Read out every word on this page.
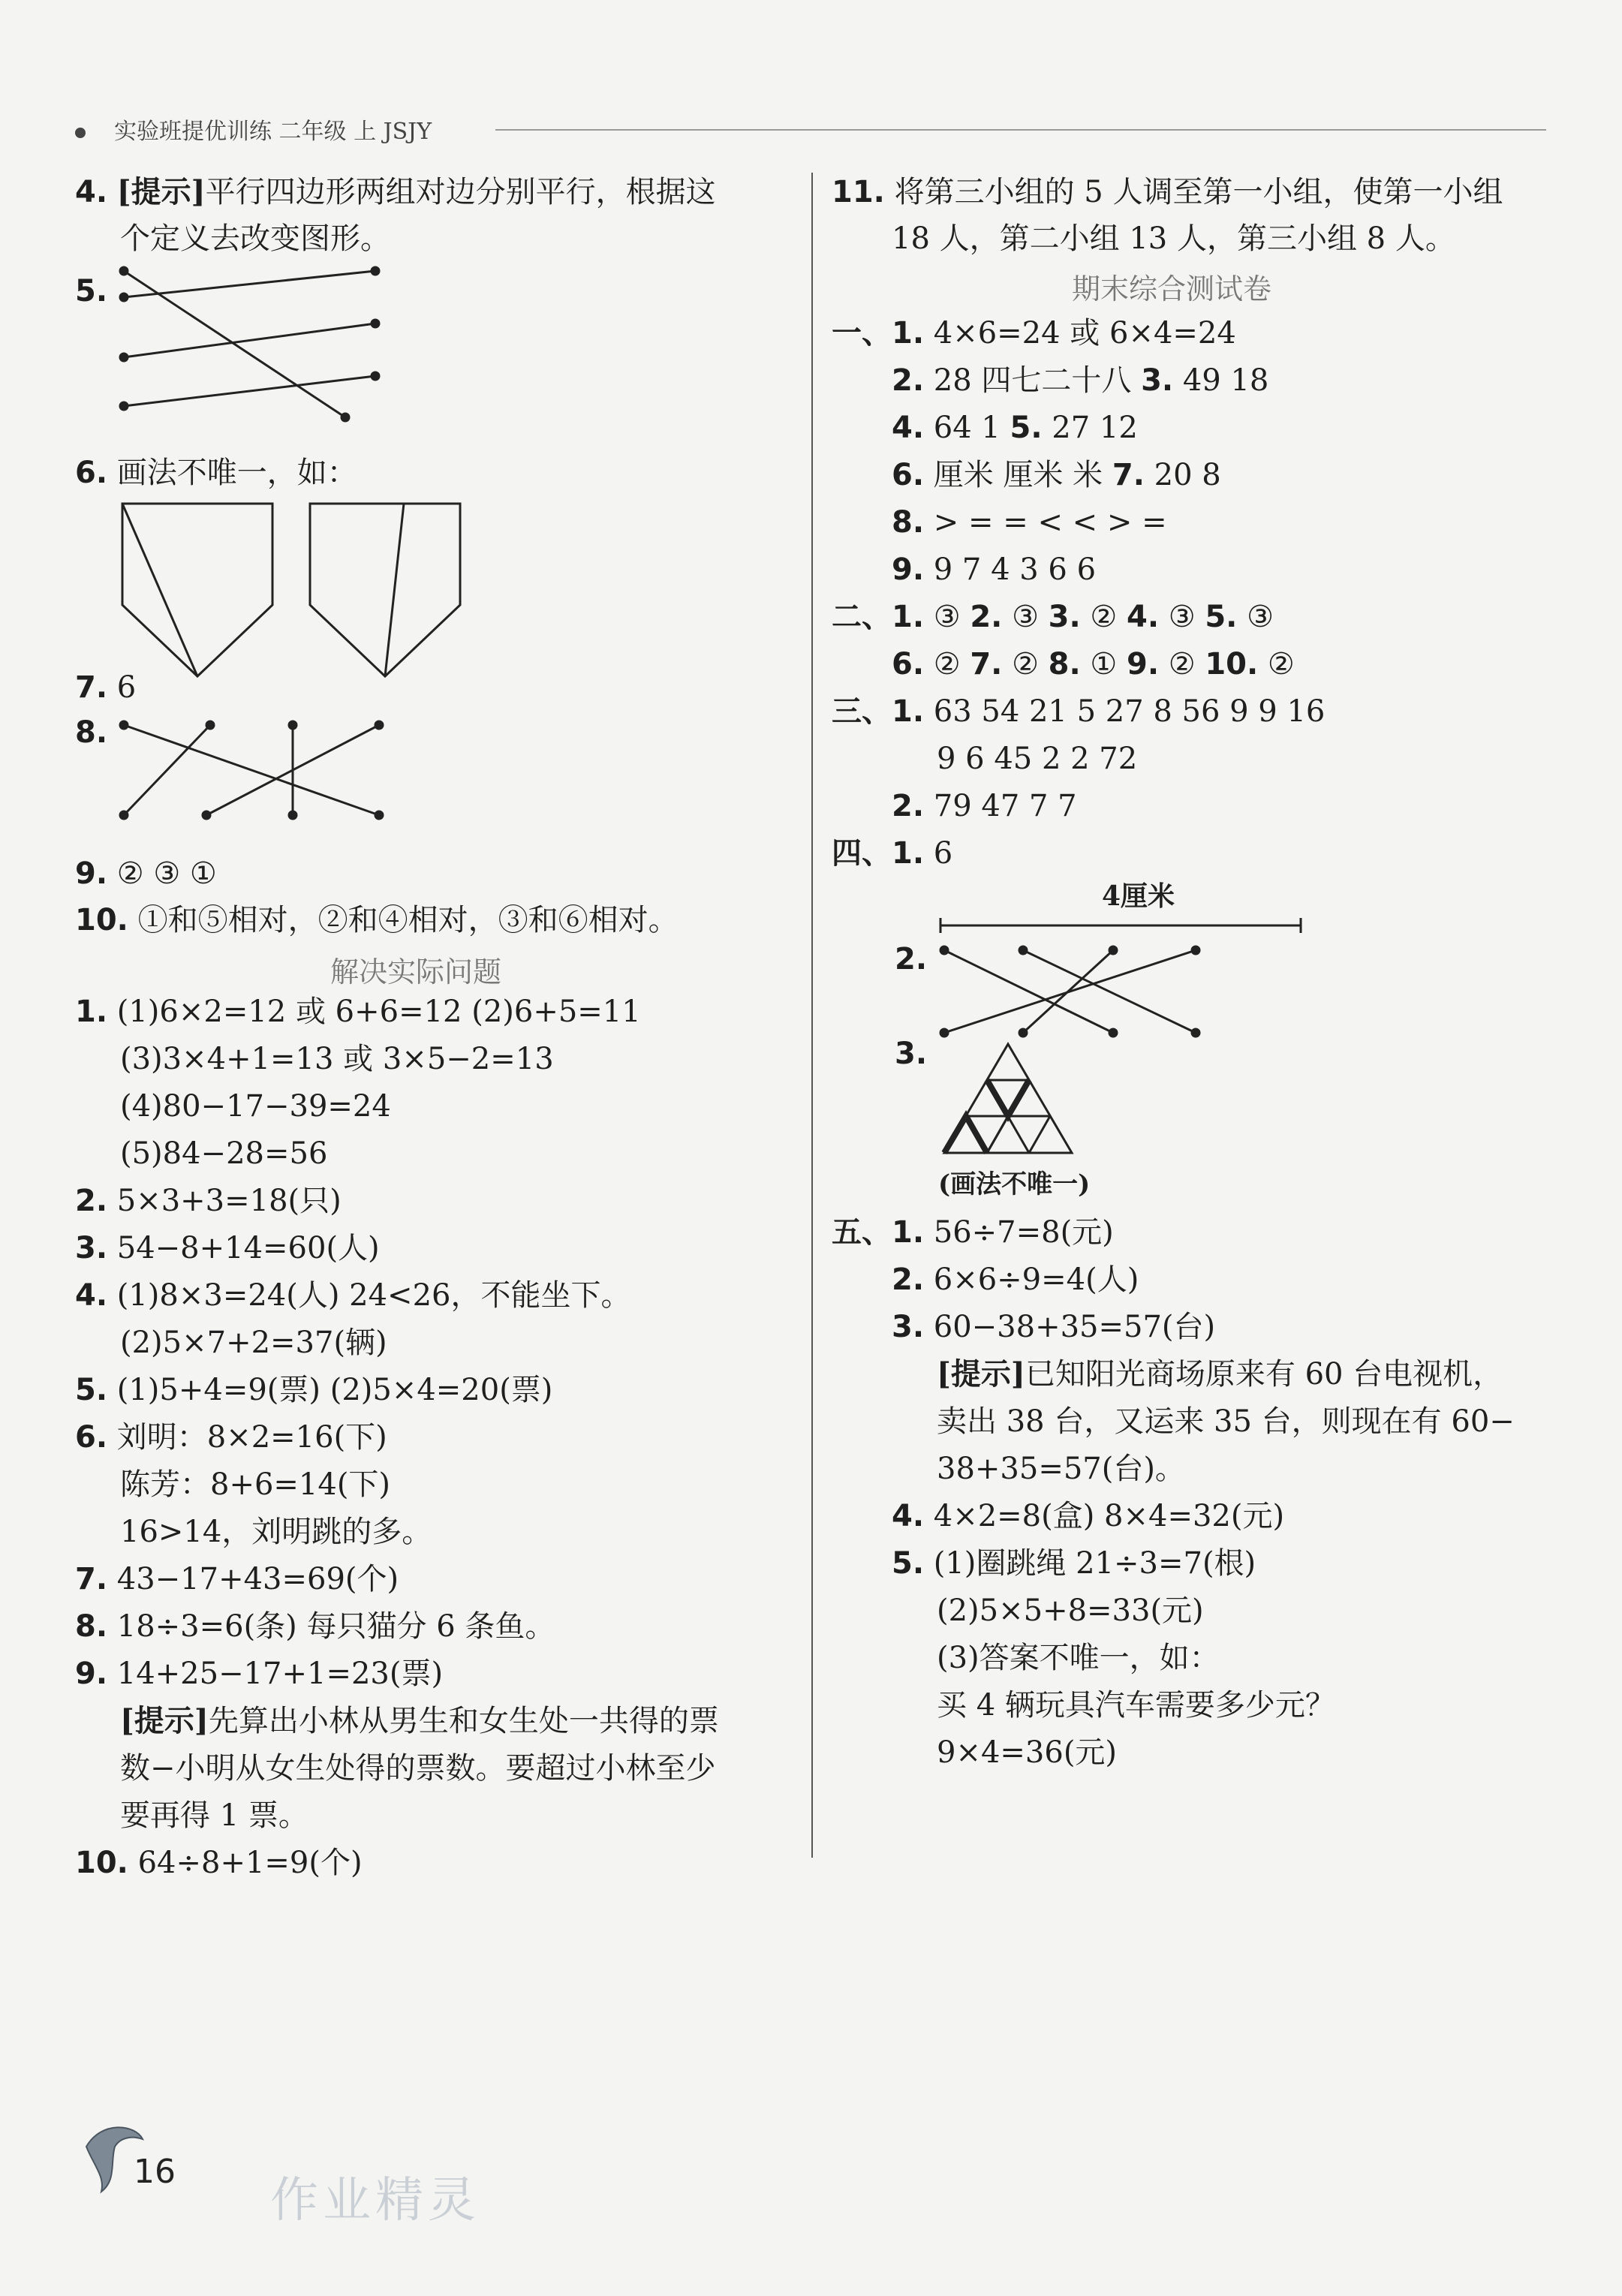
实验班提优训练 二年级 上 JSJY
4. [提示]平行四边形两组对边分别平行，根据这
个定义去改变图形。
5.
6. 画法不唯一，如：
7. 6
8.
9. ② ③ ①
10. ①和⑤相对，②和④相对，③和⑥相对。
解决实际问题
1. (1)6×2=12 或 6+6=12 (2)6+5=11
(3)3×4+1=13 或 3×5−2=13
(4)80−17−39=24
(5)84−28=56
2. 5×3+3=18(只)
3. 54−8+14=60(人)
4. (1)8×3=24(人) 24<26，不能坐下。
(2)5×7+2=37(辆)
5. (1)5+4=9(票) (2)5×4=20(票)
6. 刘明：8×2=16(下)
陈芳：8+6=14(下)
16>14，刘明跳的多。
7. 43−17+43=69(个)
8. 18÷3=6(条) 每只猫分 6 条鱼。
9. 14+25−17+1=23(票)
[提示]先算出小林从男生和女生处一共得的票
数−小明从女生处得的票数。要超过小林至少
要再得 1 票。
10. 64÷8+1=9(个)
11. 将第三小组的 5 人调至第一小组，使第一小组
18 人，第二小组 13 人，第三小组 8 人。
期末综合测试卷
一、1. 4×6=24 或 6×4=24
2. 28 四七二十八 3. 49 18
4. 64 1 5. 27 12
6. 厘米 厘米 米 7. 20 8
8. > = = < < > =
9. 9 7 4 3 6 6
二、1. ③ 2. ③ 3. ② 4. ③ 5. ③
6. ② 7. ② 8. ① 9. ② 10. ②
三、1. 63 54 21 5 27 8 56 9 9 16
9 6 45 2 2 72
2. 79 47 7 7
四、1. 6
4厘米
2.
3.
(画法不唯一)
五、1. 56÷7=8(元)
2. 6×6÷9=4(人)
3. 60−38+35=57(台)
[提示]已知阳光商场原来有 60 台电视机，
卖出 38 台，又运来 35 台，则现在有 60−
38+35=57(台)。
4. 4×2=8(盒) 8×4=32(元)
5. (1)圈跳绳 21÷3=7(根)
(2)5×5+8=33(元)
(3)答案不唯一，如：
买 4 辆玩具汽车需要多少元？
9×4=36(元)
16
作业精灵
